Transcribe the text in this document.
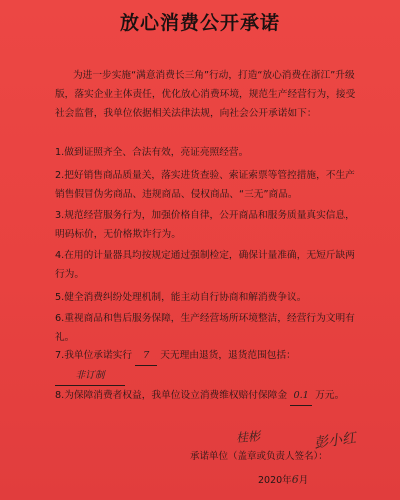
放心消费公开承诺

为进一步实施“满意消费长三角”行动，打造“放心消费在浙江”升级版，落实企业主体责任，优化放心消费环境，规范生产经营行为，接受社会监督，我单位依据相关法律法规，向社会公开承诺如下：

1.做到证照齐全、合法有效，亮证亮照经营。

2.把好销售商品质量关，落实进货查验、索证索票等管控措施，不生产销售假冒伪劣商品、违规商品、侵权商品、“三无”商品。

3.规范经营服务行为，加强价格自律，公开商品和服务质量真实信息，明码标价，无价格欺诈行为。

4.在用的计量器具均按规定通过强制检定，确保计量准确，无短斤缺两行为。

5.健全消费纠纷处理机制，能主动自行协商和解消费争议。

6.重视商品和售后服务保障，生产经营场所环境整洁，经营行为文明有礼。

7.我单位承诺实行 7 天无理由退货，退货范围包括： 非订制

8.为保障消费者权益，我单位设立消费维权赔付保障金 0.1 万元。

桂彬	彭小红
承诺单位（盖章或负责人签名）：
2020年6月
